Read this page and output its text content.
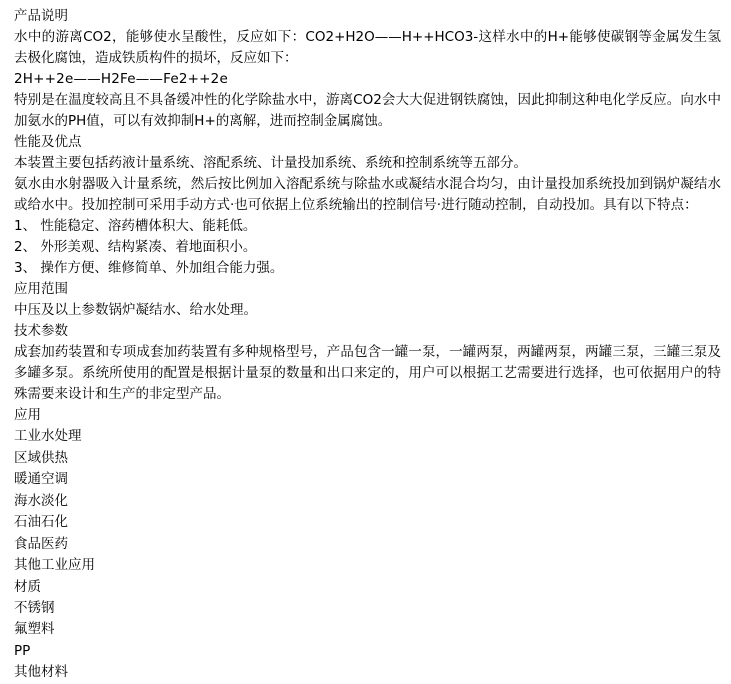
产品说明
水中的游离CO2，能够使水呈酸性，反应如下：CO2+H2O——H++HCO3-这样水中的H+能够使碳钢等金属发生氢去极化腐蚀，造成铁质构件的损坏，反应如下：
2H++2e——H2Fe——Fe2++2e
特别是在温度较高且不具备缓冲性的化学除盐水中，游离CO2会大大促进钢铁腐蚀，因此抑制这种电化学反应。向水中加氨水的PH值，可以有效抑制H+的离解，进而控制金属腐蚀。
性能及优点
本装置主要包括药液计量系统、溶配系统、计量投加系统、系统和控制系统等五部分。
氨水由水射器吸入计量系统，然后按比例加入溶配系统与除盐水或凝结水混合均匀，由计量投加系统投加到锅炉凝结水或给水中。投加控制可采用手动方式·也可依据上位系统输出的控制信号·进行随动控制，自动投加。具有以下特点：
1、 性能稳定、溶药槽体积大、能耗低。
2、 外形美观、结构紧凑、着地面积小。
3、 操作方便、维修简单、外加组合能力强。
应用范围
中压及以上参数锅炉凝结水、给水处理。
技术参数
成套加药装置和专项成套加药装置有多种规格型号，产品包含一罐一泵，一罐两泵，两罐两泵，两罐三泵，三罐三泵及多罐多泵。系统所使用的配置是根据计量泵的数量和出口来定的，用户可以根据工艺需要进行选择，也可依据用户的特殊需要来设计和生产的非定型产品。
应用
工业水处理
区域供热
暖通空调
海水淡化
石油石化
食品医药
其他工业应用
材质
不锈钢
氟塑料
PP
其他材料
